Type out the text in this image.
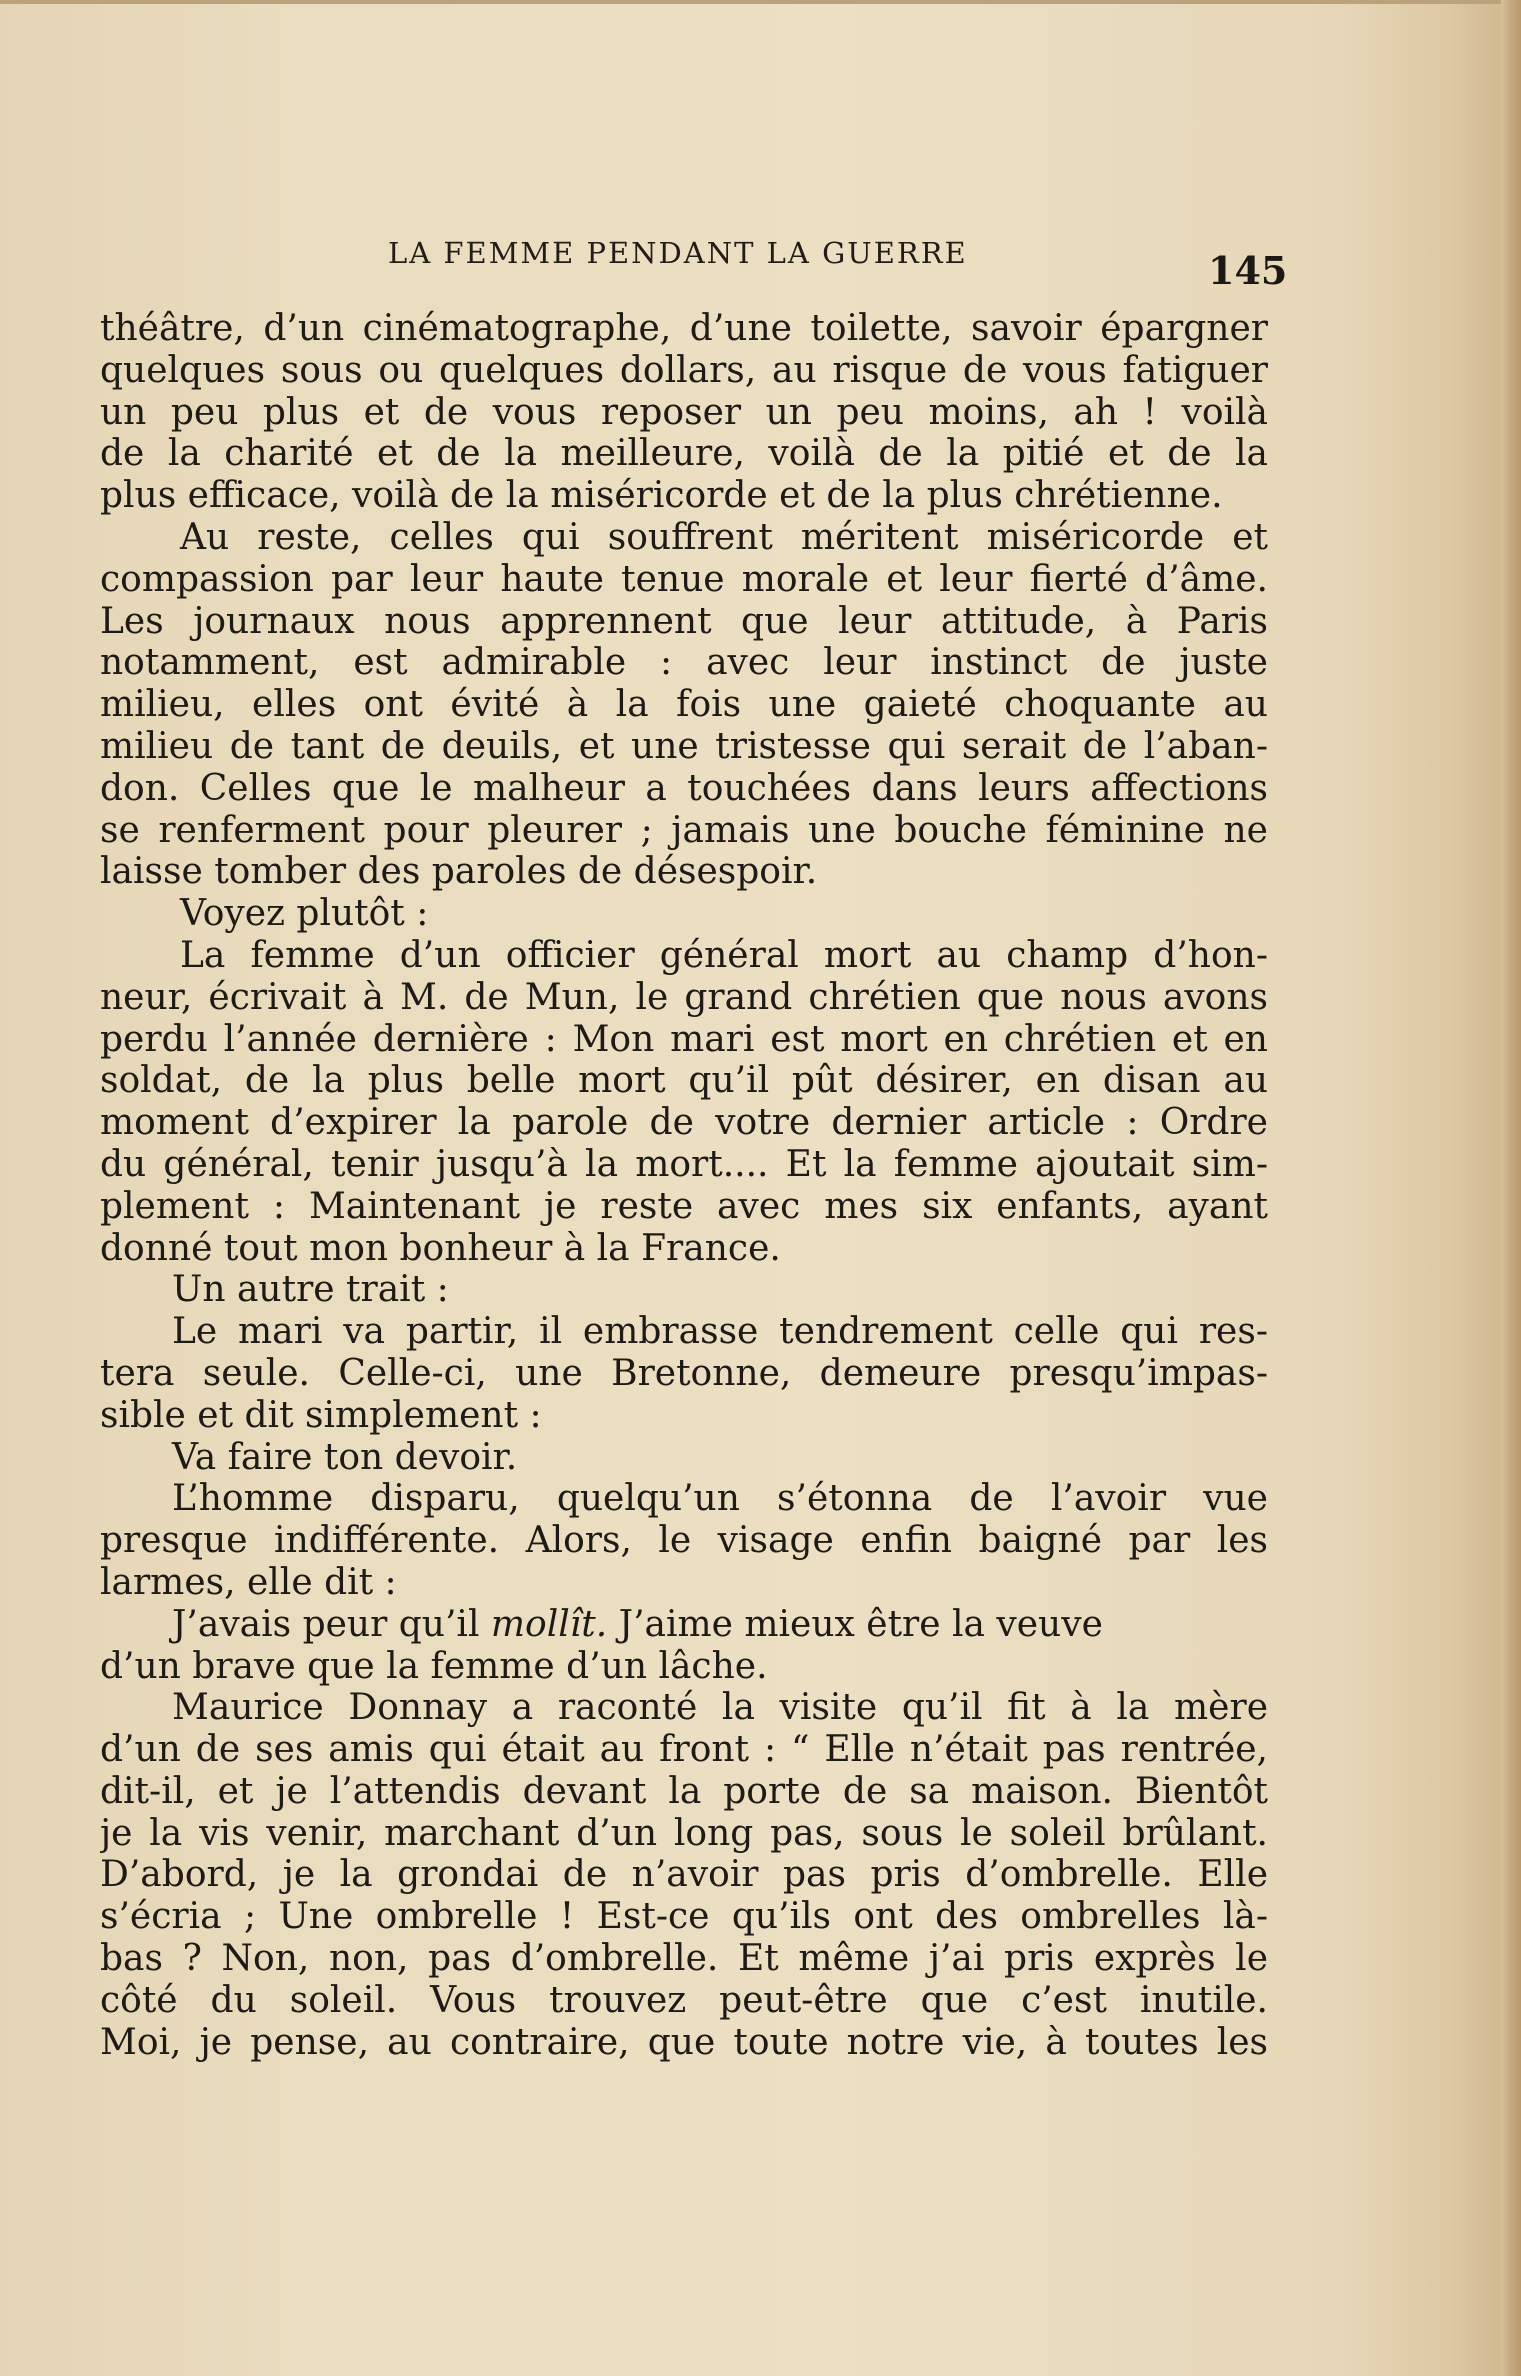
LA FEMME PENDANT LA GUERRE	145
théâtre, d’un cinématographe, d’une toilette, savoir épargner
quelques sous ou quelques dollars, au risque de vous fatiguer
un peu plus et de vous reposer un peu moins, ah ! voilà
de la charité et de la meilleure, voilà de la pitié et de la
plus efficace, voilà de la miséricorde et de la plus chrétienne.
Au reste, celles qui souffrent méritent miséricorde et
compassion par leur haute tenue morale et leur fierté d’âme.
Les journaux nous apprennent que leur attitude, à Paris
notamment, est admirable : avec leur instinct de juste
milieu, elles ont évité à la fois une gaieté choquante au
milieu de tant de deuils, et une tristesse qui serait de l’aban-
don. Celles que le malheur a touchées dans leurs affections
se renferment pour pleurer ; jamais une bouche féminine ne
laisse tomber des paroles de désespoir.
Voyez plutôt :
La femme d’un officier général mort au champ d’hon-
neur, écrivait à M. de Mun, le grand chrétien que nous avons
perdu l’année dernière : Mon mari est mort en chrétien et en
soldat, de la plus belle mort qu’il pût désirer, en disan au
moment d’expirer la parole de votre dernier article : Ordre
du général, tenir jusqu’à la mort.... Et la femme ajoutait sim-
plement : Maintenant je reste avec mes six enfants, ayant
donné tout mon bonheur à la France.
Un autre trait :
Le mari va partir, il embrasse tendrement celle qui res-
tera seule. Celle-ci, une Bretonne, demeure presqu’impas-
sible et dit simplement :
Va faire ton devoir.
L’homme disparu, quelqu’un s’étonna de l’avoir vue
presque indifférente. Alors, le visage enfin baigné par les
larmes, elle dit :
J’avais peur qu’il mollît. J’aime mieux être la veuve
d’un brave que la femme d’un lâche.
Maurice Donnay a raconté la visite qu’il fit à la mère
d’un de ses amis qui était au front : “ Elle n’était pas rentrée,
dit-il, et je l’attendis devant la porte de sa maison. Bientôt
je la vis venir, marchant d’un long pas, sous le soleil brûlant.
D’abord, je la grondai de n’avoir pas pris d’ombrelle. Elle
s’écria ; Une ombrelle ! Est-ce qu’ils ont des ombrelles là-
bas ? Non, non, pas d’ombrelle. Et même j’ai pris exprès le
côté du soleil. Vous trouvez peut-être que c’est inutile.
Moi, je pense, au contraire, que toute notre vie, à toutes les
